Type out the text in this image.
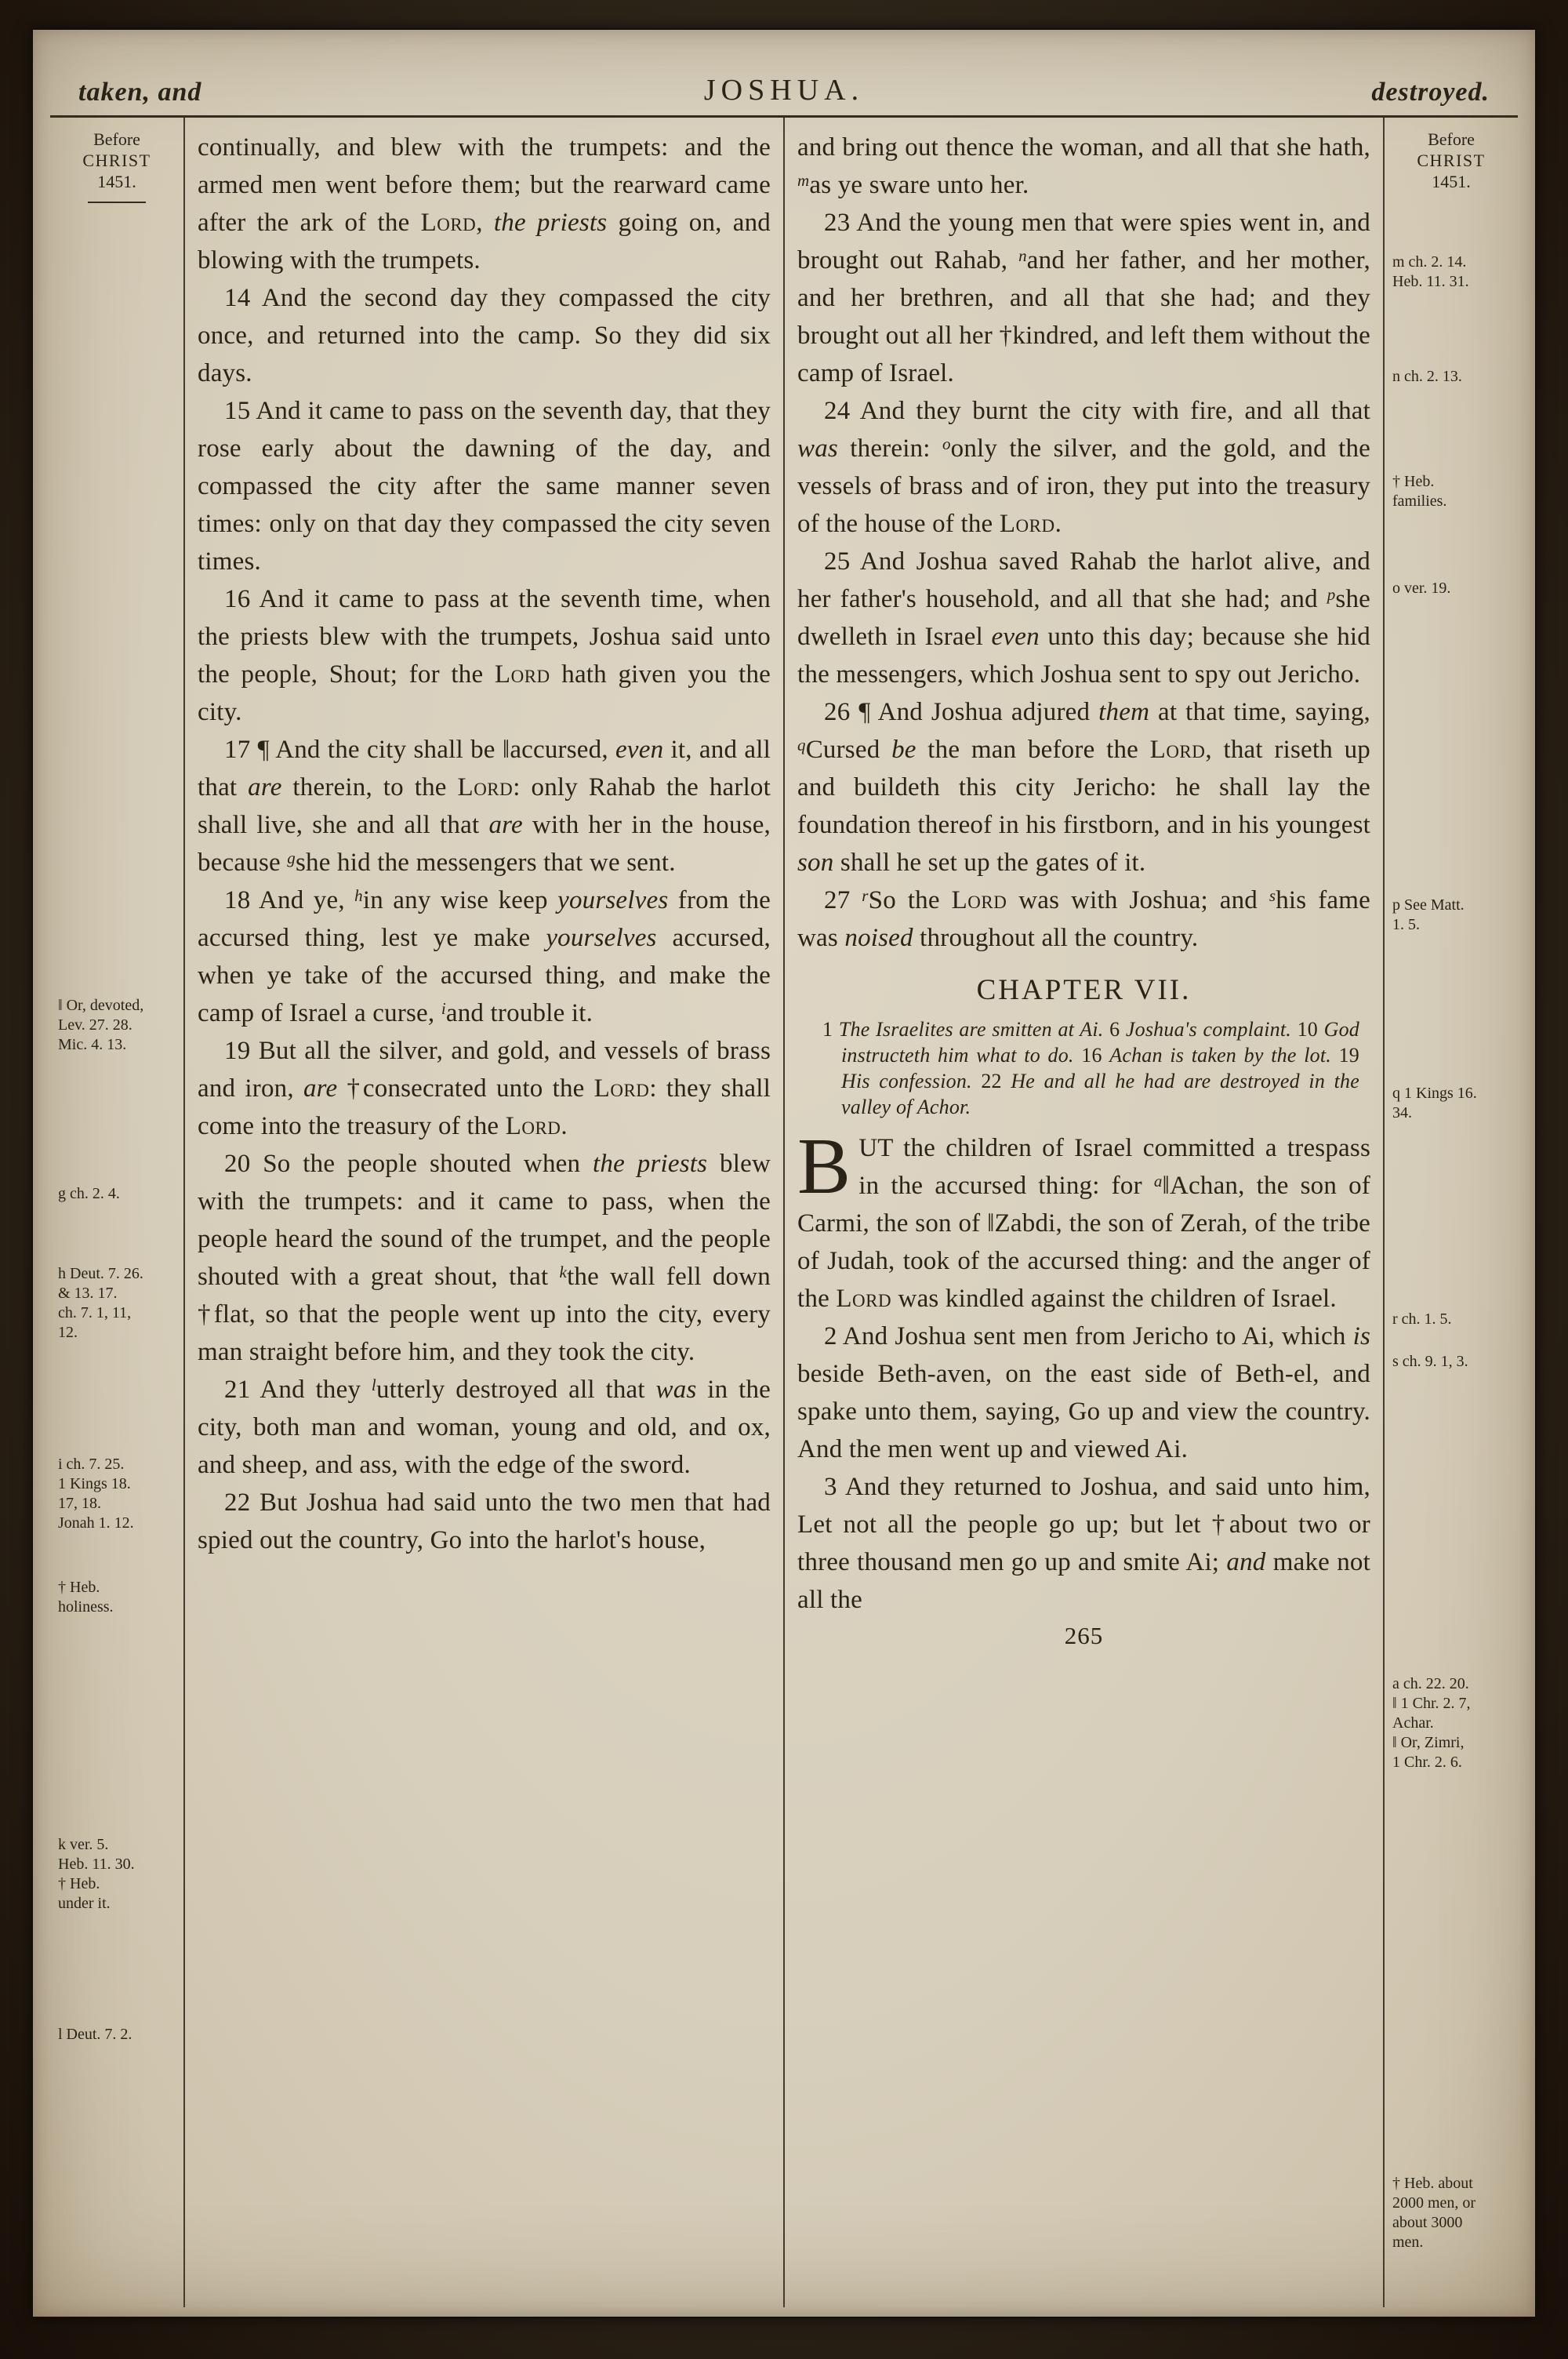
taken, and	JOSHUA.	destroyed.
Before
CHRIST
1451.
‖ Or, devoted,
Lev. 27. 28.
Mic. 4. 13.
g ch. 2. 4.
h Deut. 7. 26.
& 13. 17.
ch. 7. 1, 11,
12.
i ch. 7. 25.
1 Kings 18.
17, 18.
Jonah 1. 12.
† Heb.
holiness.
k ver. 5.
Heb. 11. 30.
† Heb.
under it.
l Deut. 7. 2.

continually, and blew with the trumpets: and the armed men went before them; but the rearward came after the ark of the Lord, the priests going on, and blowing with the trumpets.

14 And the second day they compassed the city once, and returned into the camp. So they did six days.

15 And it came to pass on the seventh day, that they rose early about the dawning of the day, and compassed the city after the same manner seven times: only on that day they compassed the city seven times.

16 And it came to pass at the seventh time, when the priests blew with the trumpets, Joshua said unto the people, Shout; for the Lord hath given you the city.

17 ¶ And the city shall be ‖accursed, even it, and all that are therein, to the Lord: only Rahab the harlot shall live, she and all that are with her in the house, because $^g$she hid the messengers that we sent.

18 And ye, $^h$in any wise keep yourselves from the accursed thing, lest ye make yourselves accursed, when ye take of the accursed thing, and make the camp of Israel a curse, $^i$and trouble it.

19 But all the silver, and gold, and vessels of brass and iron, are †consecrated unto the Lord: they shall come into the treasury of the Lord.

20 So the people shouted when the priests blew with the trumpets: and it came to pass, when the people heard the sound of the trumpet, and the people shouted with a great shout, that $^k$the wall fell down †flat, so that the people went up into the city, every man straight before him, and they took the city.

21 And they $^l$utterly destroyed all that was in the city, both man and woman, young and old, and ox, and sheep, and ass, with the edge of the sword.

22 But Joshua had said unto the two men that had spied out the country, Go into the harlot's house,

and bring out thence the woman, and all that she hath, $^m$as ye sware unto her.

23 And the young men that were spies went in, and brought out Rahab, $^n$and her father, and her mother, and her brethren, and all that she had; and they brought out all her †kindred, and left them without the camp of Israel.

24 And they burnt the city with fire, and all that was therein: $^o$only the silver, and the gold, and the vessels of brass and of iron, they put into the treasury of the house of the Lord.

25 And Joshua saved Rahab the harlot alive, and her father's household, and all that she had; and $^p$she dwelleth in Israel even unto this day; because she hid the messengers, which Joshua sent to spy out Jericho.

26 ¶ And Joshua adjured them at that time, saying, $^q$Cursed be the man before the Lord, that riseth up and buildeth this city Jericho: he shall lay the foundation thereof in his firstborn, and in his youngest son shall he set up the gates of it.

27 $^r$So the Lord was with Joshua; and $^s$his fame was noised throughout all the country.

CHAPTER VII.

1 The Israelites are smitten at Ai. 6 Joshua's complaint. 10 God instructeth him what to do. 16 Achan is taken by the lot. 19 His confession. 22 He and all he had are destroyed in the valley of Achor.

BUT the children of Israel committed a trespass in the accursed thing: for $^a$‖Achan, the son of Carmi, the son of ‖Zabdi, the son of Zerah, of the tribe of Judah, took of the accursed thing: and the anger of the Lord was kindled against the children of Israel.

2 And Joshua sent men from Jericho to Ai, which is beside Beth-aven, on the east side of Beth-el, and spake unto them, saying, Go up and view the country. And the men went up and viewed Ai.

3 And they returned to Joshua, and said unto him, Let not all the people go up; but let †about two or three thousand men go up and smite Ai; and make not all the

265
Before
CHRIST
1451.
m ch. 2. 14.
Heb. 11. 31.
n ch. 2. 13.
† Heb.
families.
o ver. 19.
p See Matt.
1. 5.
q 1 Kings 16.
34.
r ch. 1. 5.
s ch. 9. 1, 3.
a ch. 22. 20.
‖ 1 Chr. 2. 7,
Achar.
‖ Or, Zimri,
1 Chr. 2. 6.
† Heb. about
2000 men, or
about 3000
men.
